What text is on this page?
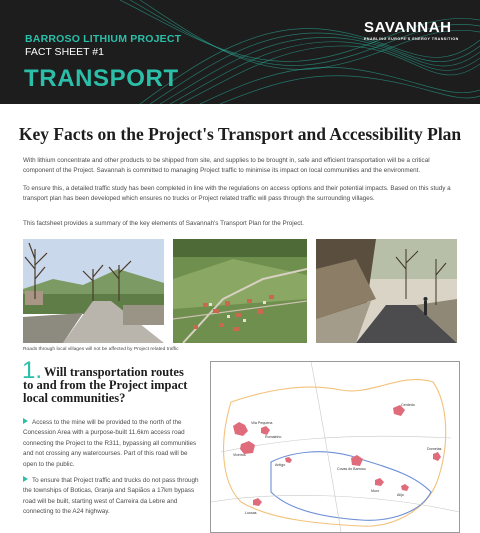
BARROSO LITHIUM PROJECT
FACT SHEET #1
TRANSPORT
SAVANNAH
ENABLING EUROPE'S ENERGY TRANSITION
Key Facts on the Project's Transport and Accessibility Plan

With lithium concentrate and other products to be shipped from site, and supplies to be brought in, safe and efficient transportation will be a critical component of the Project. Savannah is committed to managing Project traffic to minimise its impact on local communities and the environment.

To ensure this, a detailed traffic study has been completed in line with the regulations on access options and their potential impacts. Based on this study a transport plan has been developed which ensures no trucks or Project related traffic will pass through the surrounding villages.

This factsheet provides a summary of the key elements of Savannah's Transport Plan for the Project.

Roads through local villages will not be affected by Project related traffic
1. Will transportation routes
to and from the Project impact
local communities?

Access to the mine will be provided to the north of the Concession Area with a purpose-built 11.6km access road connecting the Project to the R311, bypassing all communities and not crossing any watercourses. Part of this road will be open to the public.

To ensure that Project traffic and trucks do not pass through the townships of Boticas, Granja and Sapiãos a 17km bypass road will be built, starting west of Carreira da Lebre and connecting to the A24 highway.

Vila Pequena
Covas do Barroso
Romainho
Lousas
Muro
Dornelas
Alijó
Cerdedo
Antigo
Viveiros
